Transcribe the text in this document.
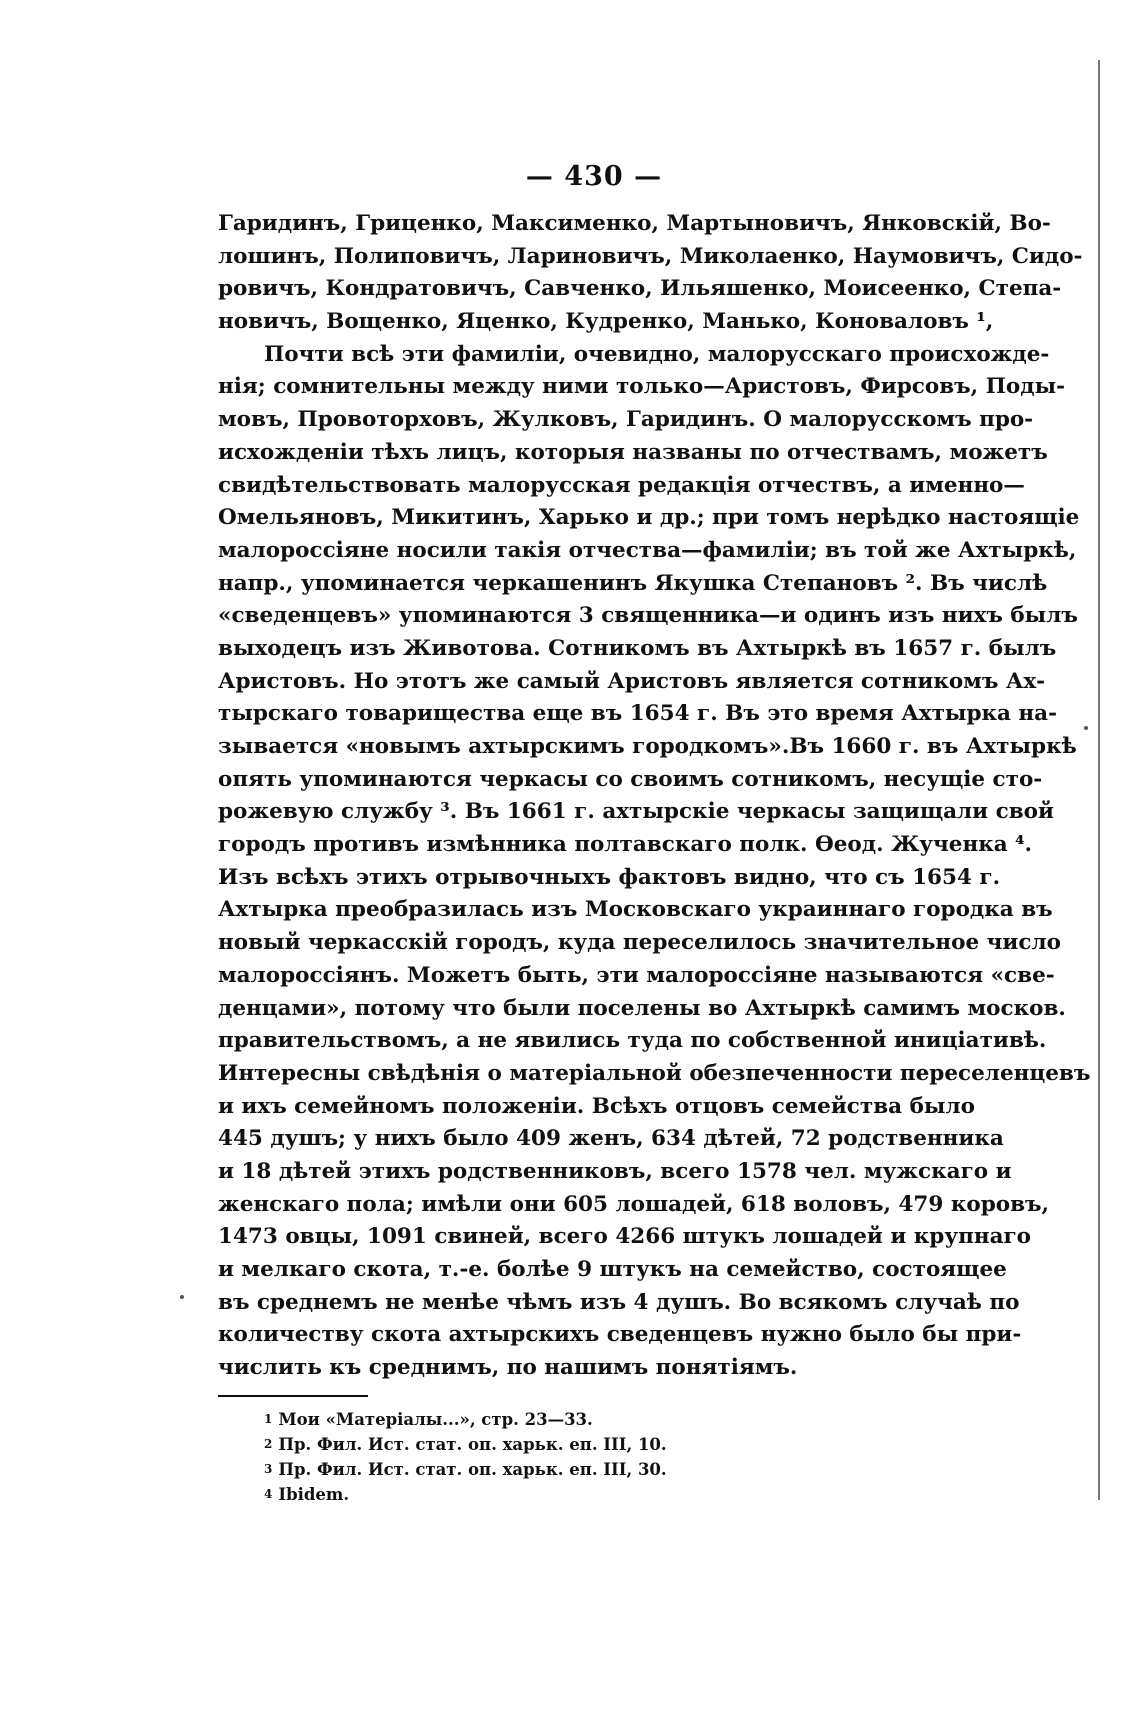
— 430 —
Гаридинъ, Гриценко, Максименко, Мартыновичъ, Янковскій, Во-
лошинъ, Полиповичъ, Лариновичъ, Миколаенко, Наумовичъ, Сидо-
ровичъ, Кондратовичъ, Савченко, Ильяшенко, Моисеенко, Степа-
новичъ, Вощенко, Яценко, Кудренко, Манько, Коноваловъ ¹,
Почти всѣ эти фамиліи, очевидно, малорусскаго происхожде-
нія; сомнительны между ними только—Аристовъ, Фирсовъ, Поды-
мовъ, Провоторховъ, Жулковъ, Гаридинъ. О малорусскомъ про-
исхожденіи тѣхъ лицъ, которыя названы по отчествамъ, можетъ
свидѣтельствовать малорусская редакція отчествъ, а именно—
Омельяновъ, Микитинъ, Харько и др.; при томъ нерѣдко настоящіе
малороссіяне носили такія отчества—фамиліи; въ той же Ахтыркѣ,
напр., упоминается черкашенинъ Якушка Степановъ ². Въ числѣ
«сведенцевъ» упоминаются 3 священника—и одинъ изъ нихъ былъ
выходецъ изъ Животова. Сотникомъ въ Ахтыркѣ въ 1657 г. былъ
Аристовъ. Но этотъ же самый Аристовъ является сотникомъ Ах-
тырскаго товарищества еще въ 1654 г. Въ это время Ахтырка на-
зывается «новымъ ахтырскимъ городкомъ».Въ 1660 г. въ Ахтыркѣ
опять упоминаются черкасы со своимъ сотникомъ, несущіе сто-
рожевую службу ³. Въ 1661 г. ахтырскіе черкасы защищали свой
городъ противъ измѣнника полтавскаго полк. Ѳеод. Жученка ⁴.
Изъ всѣхъ этихъ отрывочныхъ фактовъ видно, что съ 1654 г.
Ахтырка преобразилась изъ Московскаго украиннаго городка въ
новый черкасскій городъ, куда переселилось значительное число
малороссіянъ. Можетъ быть, эти малороссіяне называются «све-
денцами», потому что были поселены во Ахтыркѣ самимъ москов.
правительствомъ, а не явились туда по собственной иниціативѣ.
Интересны свѣдѣнія о матеріальной обезпеченности переселенцевъ
и ихъ семейномъ положеніи. Всѣхъ отцовъ семейства было
445 душъ; у нихъ было 409 женъ, 634 дѣтей, 72 родственника
и 18 дѣтей этихъ родственниковъ, всего 1578 чел. мужскаго и
женскаго пола; имѣли они 605 лошадей, 618 воловъ, 479 коровъ,
1473 овцы, 1091 свиней, всего 4266 штукъ лошадей и крупнаго
и мелкаго скота, т.-е. болѣе 9 штукъ на семейство, состоящее
въ среднемъ не менѣе чѣмъ изъ 4 душъ. Во всякомъ случаѣ по
количеству скота ахтырскихъ сведенцевъ нужно было бы при-
числить къ среднимъ, по нашимъ понятіямъ.
$^1$ Мои «Матеріалы...», стр. 23—33.
$^2$ Пр. Фил. Ист. стат. оп. харьк. еп. III, 10.
$^3$ Пр. Фил. Ист. стат. оп. харьк. еп. III, 30.
$^4$ Ibidem.
